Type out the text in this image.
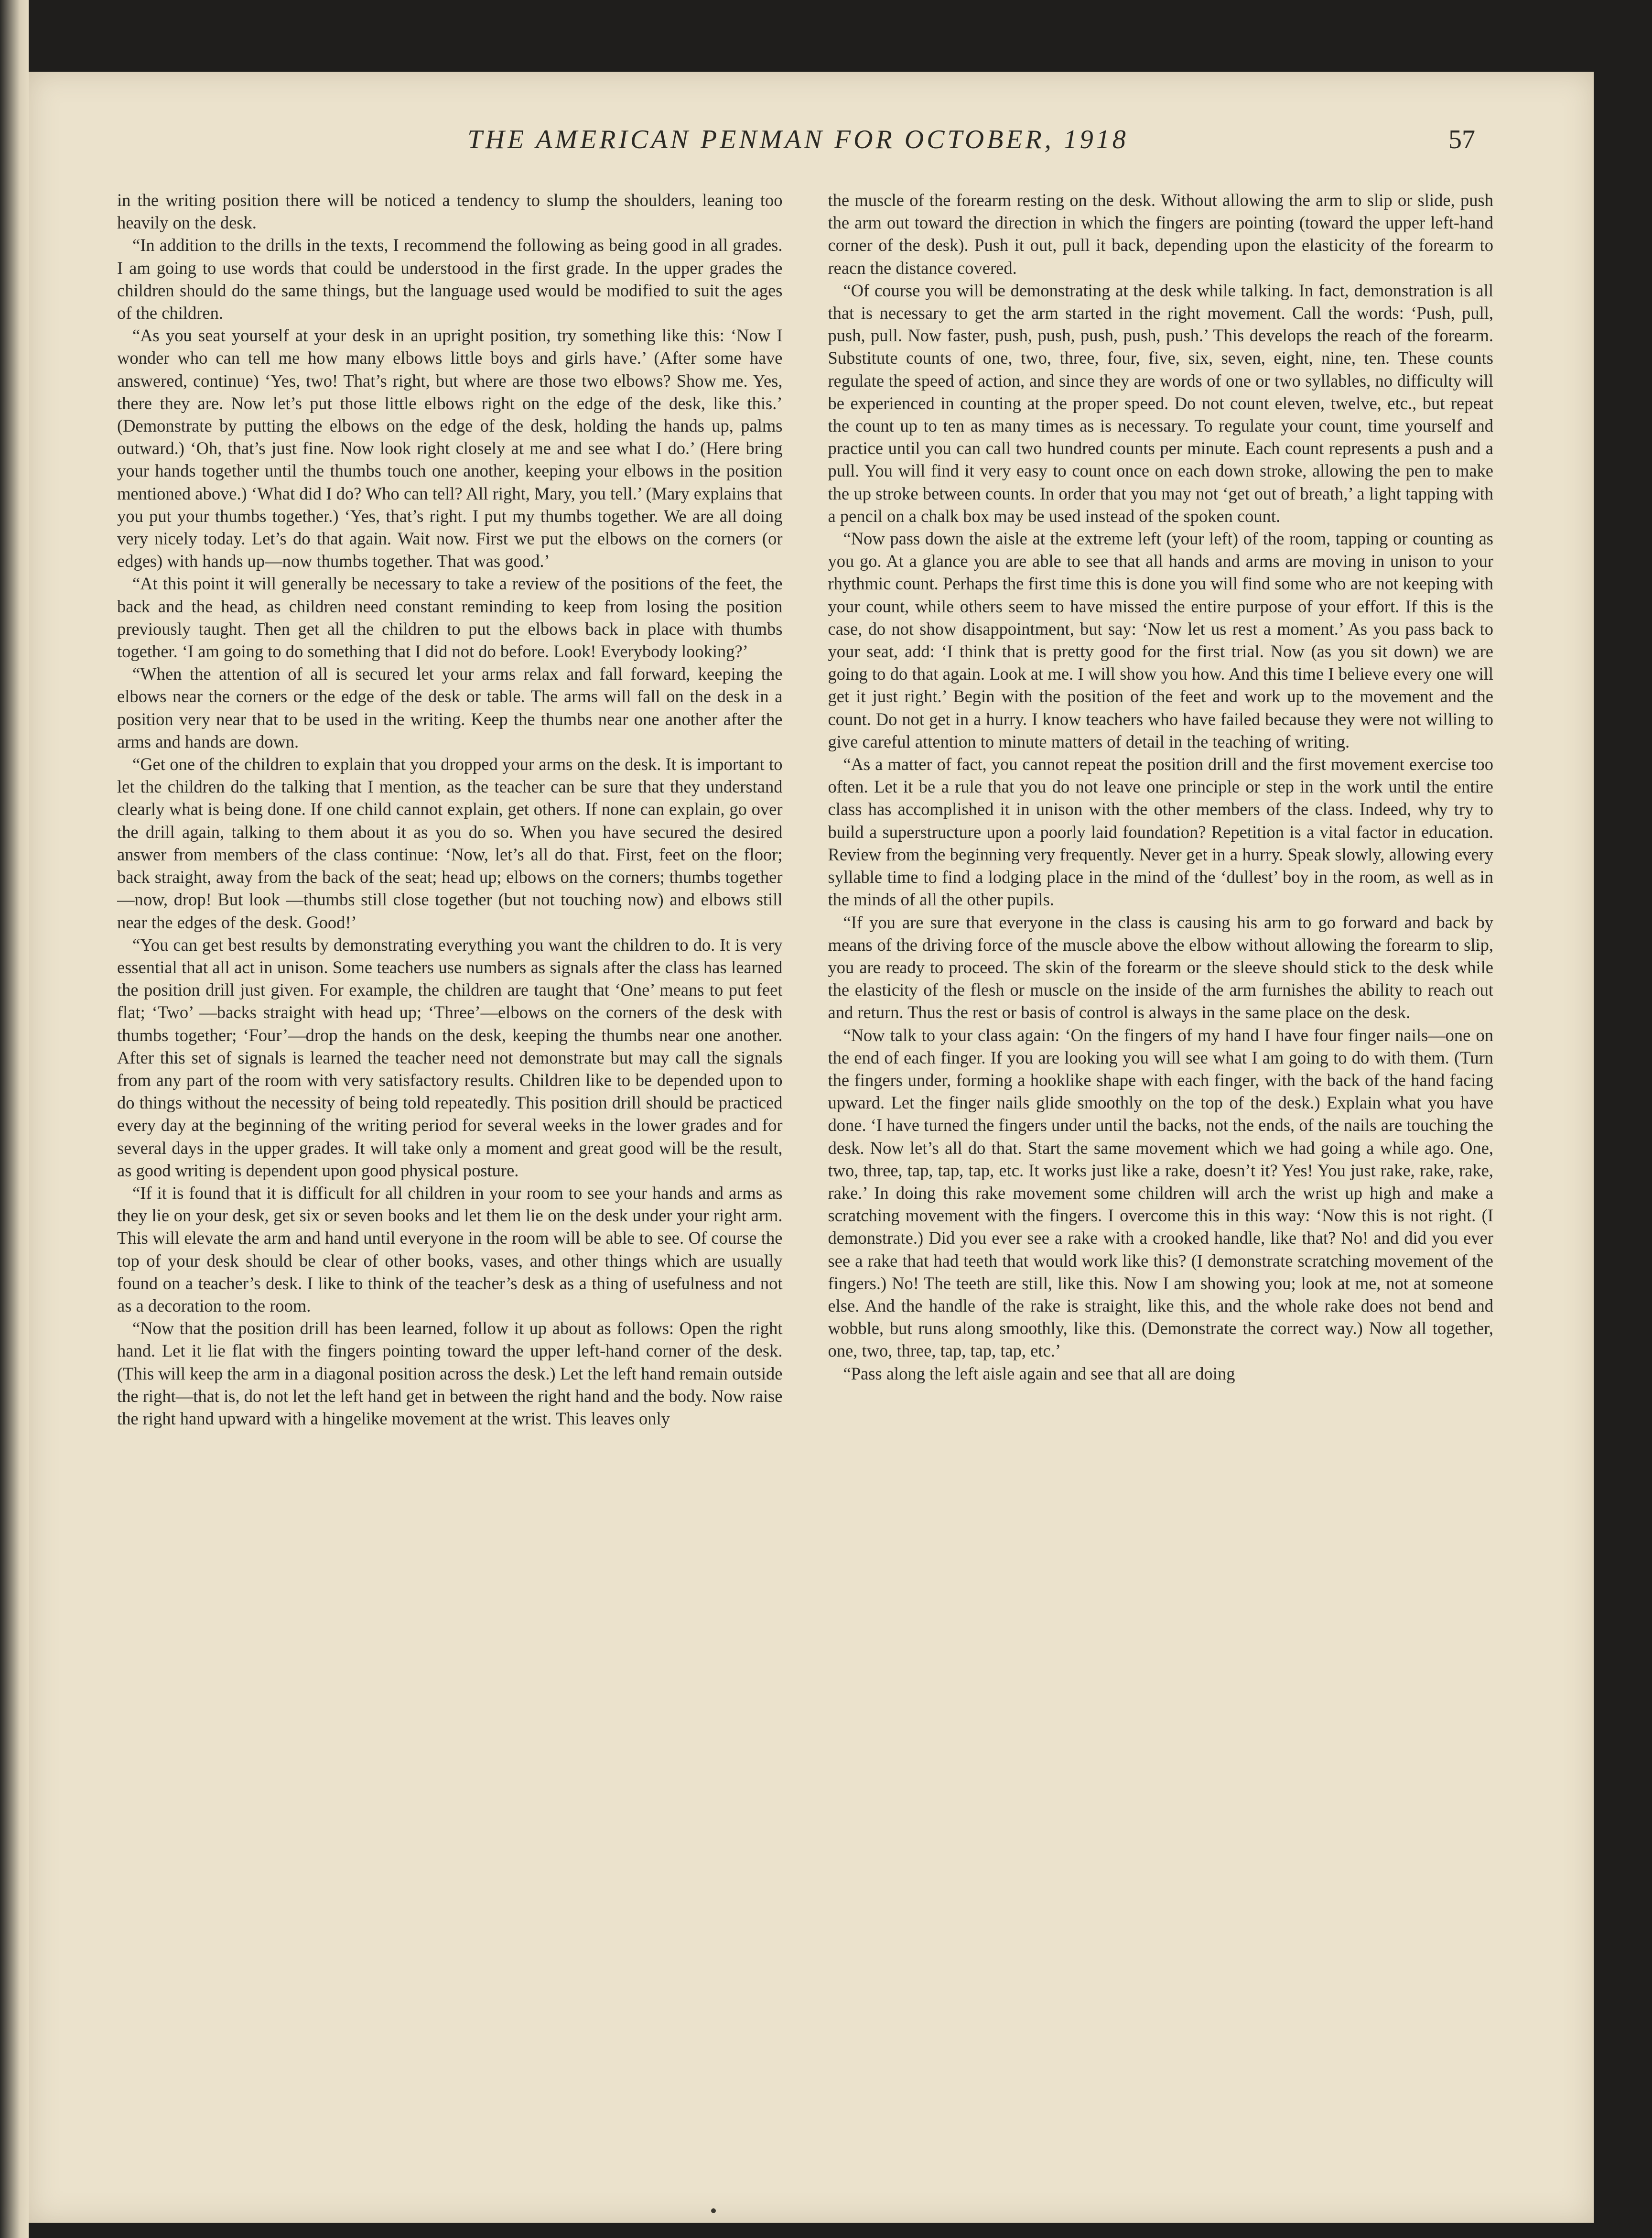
THE AMERICAN PENMAN FOR OCTOBER, 1918	57

in the writing position there will be noticed a tendency to slump the shoulders, leaning too heavily on the desk.

“In addition to the drills in the texts, I recommend the following as being good in all grades. I am going to use words that could be understood in the first grade. In the upper grades the children should do the same things, but the language used would be modified to suit the ages of the children.

“As you seat yourself at your desk in an upright position, try something like this: ‘Now I wonder who can tell me how many elbows little boys and girls have.’ (After some have answered, continue) ‘Yes, two! That’s right, but where are those two elbows? Show me. Yes, there they are. Now let’s put those little elbows right on the edge of the desk, like this.’ (Demonstrate by putting the elbows on the edge of the desk, holding the hands up, palms outward.) ‘Oh, that’s just fine. Now look right closely at me and see what I do.’ (Here bring your hands together until the thumbs touch one another, keeping your elbows in the position mentioned above.) ‘What did I do? Who can tell? All right, Mary, you tell.’ (Mary explains that you put your thumbs together.) ‘Yes, that’s right. I put my thumbs together. We are all doing very nicely today. Let’s do that again. Wait now. First we put the elbows on the corners (or edges) with hands up—now thumbs together. That was good.’

“At this point it will generally be necessary to take a review of the positions of the feet, the back and the head, as children need constant reminding to keep from losing the position previously taught. Then get all the children to put the elbows back in place with thumbs together. ‘I am going to do something that I did not do before. Look! Everybody looking?’

“When the attention of all is secured let your arms relax and fall forward, keeping the elbows near the corners or the edge of the desk or table. The arms will fall on the desk in a position very near that to be used in the writing. Keep the thumbs near one another after the arms and hands are down.

“Get one of the children to explain that you dropped your arms on the desk. It is important to let the children do the talking that I mention, as the teacher can be sure that they understand clearly what is being done. If one child cannot explain, get others. If none can explain, go over the drill again, talking to them about it as you do so. When you have secured the desired answer from members of the class continue: ‘Now, let’s all do that. First, feet on the floor; back straight, away from the back of the seat; head up; elbows on the corners; thumbs together—now, drop! But look —thumbs still close together (but not touching now) and elbows still near the edges of the desk. Good!’

“You can get best results by demonstrating everything you want the children to do. It is very essential that all act in unison. Some teachers use numbers as signals after the class has learned the position drill just given. For example, the children are taught that ‘One’ means to put feet flat; ‘Two’ —backs straight with head up; ‘Three’—elbows on the corners of the desk with thumbs together; ‘Four’—drop the hands on the desk, keeping the thumbs near one another. After this set of signals is learned the teacher need not demonstrate but may call the signals from any part of the room with very satisfactory results. Children like to be depended upon to do things without the necessity of being told repeatedly. This position drill should be practiced every day at the beginning of the writing period for several weeks in the lower grades and for several days in the upper grades. It will take only a moment and great good will be the result, as good writing is dependent upon good physical posture.

“If it is found that it is difficult for all children in your room to see your hands and arms as they lie on your desk, get six or seven books and let them lie on the desk under your right arm. This will elevate the arm and hand until everyone in the room will be able to see. Of course the top of your desk should be clear of other books, vases, and other things which are usually found on a teacher’s desk. I like to think of the teacher’s desk as a thing of usefulness and not as a decoration to the room.

“Now that the position drill has been learned, follow it up about as follows: Open the right hand. Let it lie flat with the fingers pointing toward the upper left-hand corner of the desk. (This will keep the arm in a diagonal position across the desk.) Let the left hand remain outside the right—that is, do not let the left hand get in between the right hand and the body. Now raise the right hand upward with a hingelike movement at the wrist. This leaves only

the muscle of the forearm resting on the desk. Without allowing the arm to slip or slide, push the arm out toward the direction in which the fingers are pointing (toward the upper left-hand corner of the desk). Push it out, pull it back, depending upon the elasticity of the forearm to reacn the distance covered.

“Of course you will be demonstrating at the desk while talking. In fact, demonstration is all that is necessary to get the arm started in the right movement. Call the words: ‘Push, pull, push, pull. Now faster, push, push, push, push, push.’ This develops the reach of the forearm. Substitute counts of one, two, three, four, five, six, seven, eight, nine, ten. These counts regulate the speed of action, and since they are words of one or two syllables, no difficulty will be experienced in counting at the proper speed. Do not count eleven, twelve, etc., but repeat the count up to ten as many times as is necessary. To regulate your count, time yourself and practice until you can call two hundred counts per minute. Each count represents a push and a pull. You will find it very easy to count once on each down stroke, allowing the pen to make the up stroke between counts. In order that you may not ‘get out of breath,’ a light tapping with a pencil on a chalk box may be used instead of the spoken count.

“Now pass down the aisle at the extreme left (your left) of the room, tapping or counting as you go. At a glance you are able to see that all hands and arms are moving in unison to your rhythmic count. Perhaps the first time this is done you will find some who are not keeping with your count, while others seem to have missed the entire purpose of your effort. If this is the case, do not show disappointment, but say: ‘Now let us rest a moment.’ As you pass back to your seat, add: ‘I think that is pretty good for the first trial. Now (as you sit down) we are going to do that again. Look at me. I will show you how. And this time I believe every one will get it just right.’ Begin with the position of the feet and work up to the movement and the count. Do not get in a hurry. I know teachers who have failed because they were not willing to give careful attention to minute matters of detail in the teaching of writing.

“As a matter of fact, you cannot repeat the position drill and the first movement exercise too often. Let it be a rule that you do not leave one principle or step in the work until the entire class has accomplished it in unison with the other members of the class. Indeed, why try to build a superstructure upon a poorly laid foundation? Repetition is a vital factor in education. Review from the beginning very frequently. Never get in a hurry. Speak slowly, allowing every syllable time to find a lodging place in the mind of the ‘dullest’ boy in the room, as well as in the minds of all the other pupils.

“If you are sure that everyone in the class is causing his arm to go forward and back by means of the driving force of the muscle above the elbow without allowing the forearm to slip, you are ready to proceed. The skin of the forearm or the sleeve should stick to the desk while the elasticity of the flesh or muscle on the inside of the arm furnishes the ability to reach out and return. Thus the rest or basis of control is always in the same place on the desk.

“Now talk to your class again: ‘On the fingers of my hand I have four finger nails—one on the end of each finger. If you are looking you will see what I am going to do with them. (Turn the fingers under, forming a hooklike shape with each finger, with the back of the hand facing upward. Let the finger nails glide smoothly on the top of the desk.) Explain what you have done. ‘I have turned the fingers under until the backs, not the ends, of the nails are touching the desk. Now let’s all do that. Start the same movement which we had going a while ago. One, two, three, tap, tap, tap, etc. It works just like a rake, doesn’t it? Yes! You just rake, rake, rake, rake.’ In doing this rake movement some children will arch the wrist up high and make a scratching movement with the fingers. I overcome this in this way: ‘Now this is not right. (I demonstrate.) Did you ever see a rake with a crooked handle, like that? No! and did you ever see a rake that had teeth that would work like this? (I demonstrate scratching movement of the fingers.) No! The teeth are still, like this. Now I am showing you; look at me, not at someone else. And the handle of the rake is straight, like this, and the whole rake does not bend and wobble, but runs along smoothly, like this. (Demonstrate the correct way.) Now all together, one, two, three, tap, tap, tap, etc.’

“Pass along the left aisle again and see that all are doing
